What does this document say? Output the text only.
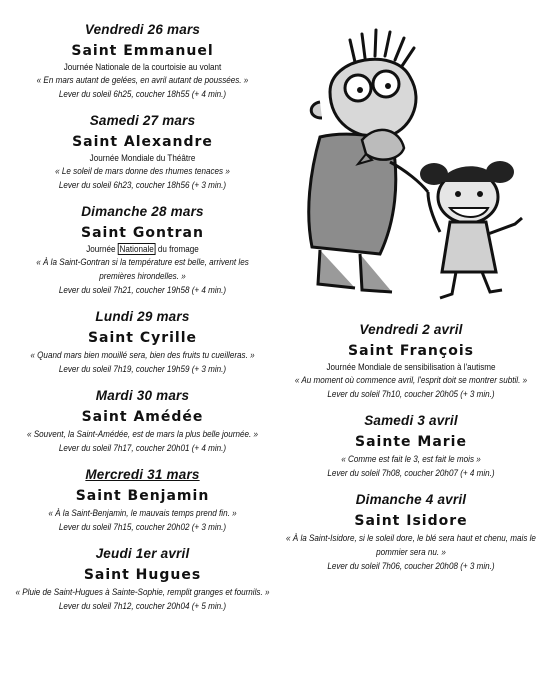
Vendredi 26 mars
Saint Emmanuel
Journée Nationale de la courtoisie au volant
« En mars autant de gelées, en avril autant de poussées. »
Lever du soleil 6h25, coucher 18h55 (+ 4 min.)
Samedi 27 mars
Saint Alexandre
Journée Mondiale du Théâtre
« Le soleil de mars donne des rhumes tenaces »
Lever du soleil 6h23, coucher 18h56 (+ 3 min.)
Dimanche 28 mars
Saint Gontran
Journée Nationale du fromage
« À la Saint-Gontran si la température est belle, arrivent les premières hirondelles. »
Lever du soleil 7h21, coucher 19h58 (+ 4 min.)
Lundi 29 mars
Saint Cyrille
« Quand mars bien mouillé sera, bien des fruits tu cueilleras. »
Lever du soleil 7h19, coucher 19h59 (+ 3 min.)
Mardi 30 mars
Saint Amédée
« Souvent, la Saint-Amédée, est de mars la plus belle journée. »
Lever du soleil 7h17, coucher 20h01 (+ 4 min.)
Mercredi 31 mars
Saint Benjamin
« À la Saint-Benjamin, le mauvais temps prend fin. »
Lever du soleil 7h15, coucher 20h02 (+ 3 min.)
Jeudi 1er avril
Saint Hugues
« Pluie de Saint-Hugues à Sainte-Sophie, remplit granges et fournils. »
Lever du soleil 7h12, coucher 20h04 (+ 5 min.)
Vendredi 2 avril
Saint François
Journée Mondiale de sensibilisation à l'autisme
« Au moment où commence avril, l'esprit doit se montrer subtil. »
Lever du soleil 7h10, coucher 20h05 (+ 3 min.)
Samedi 3 avril
Sainte Marie
« Comme est fait le 3, est fait le mois »
Lever du soleil 7h08, coucher 20h07 (+ 4 min.)
Dimanche 4 avril
Saint Isidore
« À la Saint-Isidore, si le soleil dore, le blé sera haut et chenu, mais le pommier sera nu. »
Lever du soleil 7h06, coucher 20h08 (+ 3 min.)
